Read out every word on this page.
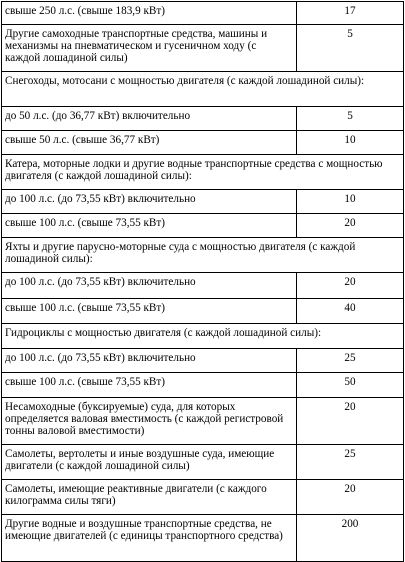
свыше 250 л.с. (свыше 183,9 кВт)	17
Другие самоходные транспортные средства, машины и механизмы на пневматическом и гусеничном ходу (с каждой лошадиной силы)	5
Снегоходы, мотосани с мощностью двигателя (с каждой лошадиной силы):	
до 50 л.с. (до 36,77 кВт) включительно	5
свыше 50 л.с. (свыше 36,77 кВт)	10
Катера, моторные лодки и другие водные транспортные средства с мощностью двигателя (с каждой лошадиной силы):	
до 100 л.с. (до 73,55 кВт) включительно	10
свыше 100 л.с. (свыше 73,55 кВт)	20
Яхты и другие парусно-моторные суда с мощностью двигателя (с каждой лошадиной силы):	
до 100 л.с. (до 73,55 кВт) включительно	20
свыше 100 л.с. (свыше 73,55 кВт)	40
Гидроциклы с мощностью двигателя (с каждой лошадиной силы):	
до 100 л.с. (до 73,55 кВт) включительно	25
свыше 100 л.с. (свыше 73,55 кВт)	50
Несамоходные (буксируемые) суда, для которых определяется валовая вместимость (с каждой регистровой тонны валовой вместимости)	20
Самолеты, вертолеты и иные воздушные суда, имеющие двигатели (с каждой лошадиной силы)	25
Самолеты, имеющие реактивные двигатели (с каждого килограмма силы тяги)	20
Другие водные и воздушные транспортные средства, не имеющие двигателей (с единицы транспортного средства)	200
